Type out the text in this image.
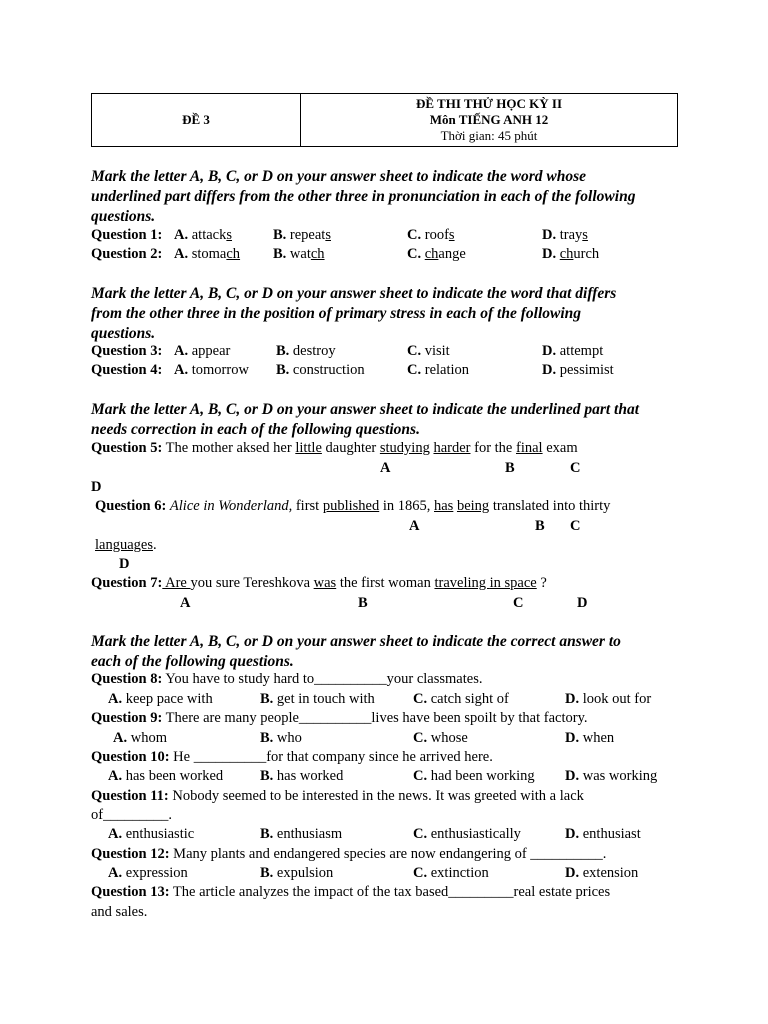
ĐỀ 3
ĐỀ THI THỬ HỌC KỲ II
Môn TIẾNG ANH 12
Thời gian: 45 phút
Mark the letter A, B, C, or D on your answer sheet to indicate the word whose
underlined part differs from the other three in pronunciation in each of the following
questions.
Question 1: A. attacks	B. repeats	C. roofs	D. trays
Question 2: A. stomach B. watch	C. change	D. church
Mark the letter A, B, C, or D on your answer sheet to indicate the word that differs
from the other three in the position of primary stress in each of the following
questions.
Question 3: A. appear	B. destroy	C. visit	D. attempt
Question 4: A. tomorrow B. construction	C. relation	D. pessimist
Mark the letter A, B, C, or D on your answer sheet to indicate the underlined part that
needs correction in each of the following questions.
Question 5: The mother aksed her little daughter studying harder for the final exam
A	B	C
D
Question 6: Alice in Wonderland, first published in 1865, has being translated into thirty
A	B C
languages.
D
Question 7: Are you sure Tereshkova was the first woman traveling in space ?
A	B	C	D
Mark the letter A, B, C, or D on your answer sheet to indicate the correct answer to
each of the following questions.
Question 8: You have to study hard to__________your classmates.
A. keep pace with	B. get in touch with	C. catch sight of	D. look out for
Question 9: There are many people__________lives have been spoilt by that factory.
A. whom	B. who	C. whose	D. when
Question 10: He __________for that company since he arrived here.
A. has been worked	B. has worked	C. had been working D. was working
Question 11: Nobody seemed to be interested in the news. It was greeted with a lack
of_________.
A. enthusiastic	B. enthusiasm	C. enthusiastically	D. enthusiast
Question 12: Many plants and endangered species are now endangering of __________.
A. expression	B. expulsion	C. extinction	D. extension
Question 13: The article analyzes the impact of the tax based_________real estate prices
and sales.
